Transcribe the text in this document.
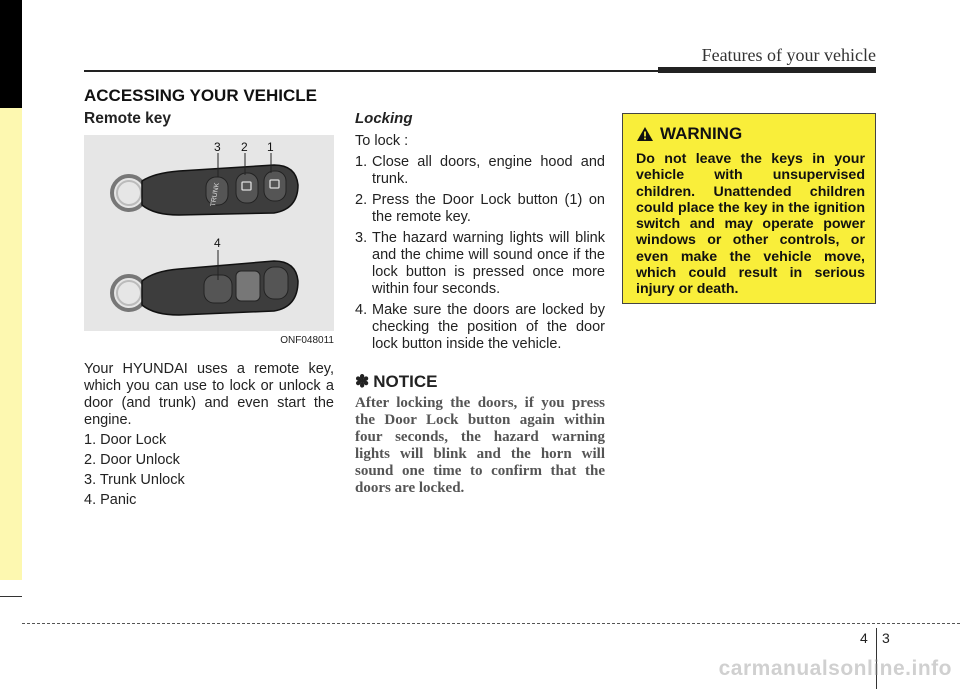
Features of your vehicle
ACCESSING YOUR VEHICLE

Remote key

TRUNK
3 2 1
4

ONF048011

Your HYUNDAI uses a remote key, which you can use to lock or unlock a door (and trunk) and even start the engine.

1. Door Lock
2. Door Unlock
3. Trunk Unlock
4. Panic

Locking

To lock :

1. Close all doors, engine hood and trunk.
2. Press the Door Lock button (1) on the remote key.
3. The hazard warning lights will blink and the chime will sound once if the lock button is pressed once more within four seconds.
4. Make sure the doors are locked by checking the position of the door lock button inside the vehicle.

✽ NOTICE

After locking the doors, if you press the Door Lock button again within four seconds, the hazard warning lights will blink and the horn will sound one time to confirm that the doors are locked.

WARNING
Do not leave the keys in your vehicle with unsupervised children. Unattended children could place the key in the ignition switch and may operate power windows or other controls, or even make the vehicle move, which could result in serious injury or death.
4 3
carmanualsonline.info
